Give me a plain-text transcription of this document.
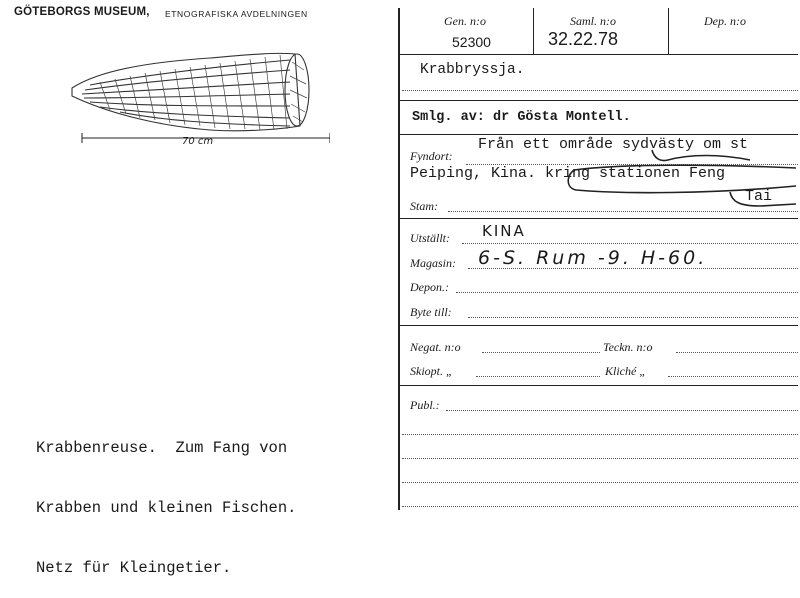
GÖTEBORGS MUSEUM, ETNOGRAFISKA AVDELNINGEN
70 cm

Krabbenreuse.  Zum Fang von

Krabben und kleinen Fischen.

Netz für Kleingetier.

Gen. n:o
52300
Saml. n:o
32.22.78
Dep. n:o
Krabbryssja.
Smlg. av: dr Gösta Montell.
Fyndort:
Från ett område sydvästy om st
Peiping, Kina. kring stationen Feng
Tai
Stam:
Utställt: KINA
Magasin: 6-S. Rum -9. H-60.
Depon.:
Byte till:
Negat. n:o	Teckn. n:o
Skiopt. „	Kliché „
Publ.:
